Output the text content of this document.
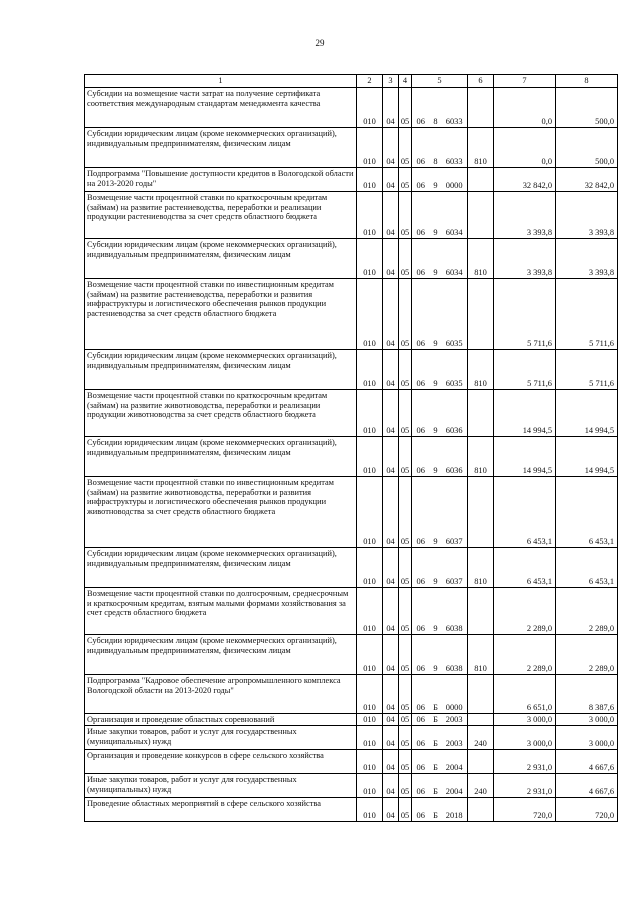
29
1	2	3	4	5	6	7	8
Субсидии на возмещение части затрат на получение сертификата соответствия международным стандартам менеджмента качества	010	04	05	06 8 6033		0,0	500,0
Субсидии юридическим лицам (кроме некоммерческих организаций), индивидуальным предпринимателям, физическим лицам	010	04	05	06 8 6033	810	0,0	500,0
Подпрограмма "Повышение доступности кредитов в Вологодской области на 2013-2020 годы"	010	04	05	06 9 0000		32 842,0	32 842,0
Возмещение части процентной ставки по краткосрочным кредитам (займам) на развитие растениеводства, переработки и реализации продукции растениеводства за счет средств областного бюджета	010	04	05	06 9 6034		3 393,8	3 393,8
Субсидии юридическим лицам (кроме некоммерческих организаций), индивидуальным предпринимателям, физическим лицам	010	04	05	06 9 6034	810	3 393,8	3 393,8
Возмещение части процентной ставки по инвестиционным кредитам (займам) на развитие растениеводства, переработки и развития инфраструктуры и логистического обеспечения рынков продукции растениеводства за счет средств областного бюджета	010	04	05	06 9 6035		5 711,6	5 711,6
Субсидии юридическим лицам (кроме некоммерческих организаций), индивидуальным предпринимателям, физическим лицам	010	04	05	06 9 6035	810	5 711,6	5 711,6
Возмещение части процентной ставки по краткосрочным кредитам (займам) на развитие животноводства, переработки и реализации продукции животноводства за счет средств областного бюджета	010	04	05	06 9 6036		14 994,5	14 994,5
Субсидии юридическим лицам (кроме некоммерческих организаций), индивидуальным предпринимателям, физическим лицам	010	04	05	06 9 6036	810	14 994,5	14 994,5
Возмещение части процентной ставки по инвестиционным кредитам (займам) на развитие животноводства, переработки и развития инфраструктуры и логистического обеспечения рынков продукции животноводства за счет средств областного бюджета	010	04	05	06 9 6037		6 453,1	6 453,1
Субсидии юридическим лицам (кроме некоммерческих организаций), индивидуальным предпринимателям, физическим лицам	010	04	05	06 9 6037	810	6 453,1	6 453,1
Возмещение части процентной ставки по долгосрочным, среднесрочным и краткосрочным кредитам, взятым малыми формами хозяйствования за счет средств областного бюджета	010	04	05	06 9 6038		2 289,0	2 289,0
Субсидии юридическим лицам (кроме некоммерческих организаций), индивидуальным предпринимателям, физическим лицам	010	04	05	06 9 6038	810	2 289,0	2 289,0
Подпрограмма "Кадровое обеспечение агропромышленного комплекса Вологодской области на 2013-2020 годы"	010	04	05	06 Б 0000		6 651,0	8 387,6
Организация и проведение областных соревнований	010	04	05	06 Б 2003		3 000,0	3 000,0
Иные закупки товаров, работ и услуг для государственных (муниципальных) нужд	010	04	05	06 Б 2003	240	3 000,0	3 000,0
Организация и проведение конкурсов в сфере сельского хозяйства	010	04	05	06 Б 2004		2 931,0	4 667,6
Иные закупки товаров, работ и услуг для государственных (муниципальных) нужд	010	04	05	06 Б 2004	240	2 931,0	4 667,6
Проведение областных мероприятий в сфере сельского хозяйства	010	04	05	06 Б 2018		720,0	720,0
